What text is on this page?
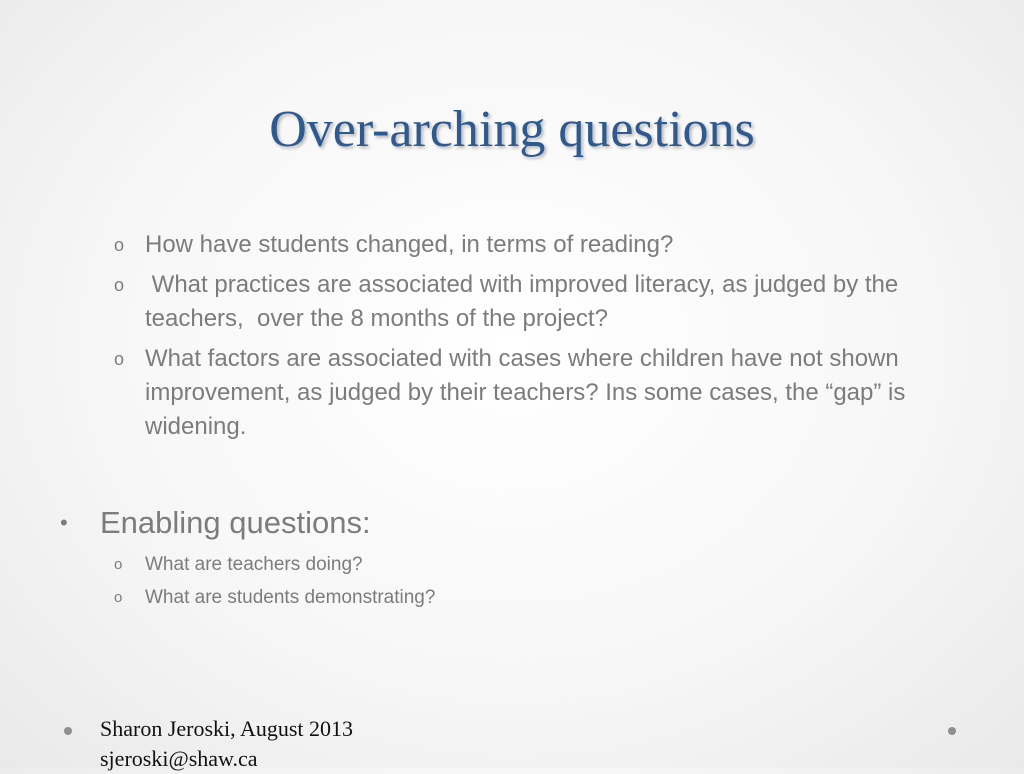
Over-arching questions
o How have students changed, in terms of reading?
o What practices are associated with improved literacy, as judged by the teachers,  over the 8 months of the project?
o What factors are associated with cases where children have not shown improvement, as judged by their teachers? Ins some cases, the “gap” is widening.
• Enabling questions:
o What are teachers doing?
o What are students demonstrating?
Sharon Jeroski, August 2013
sjeroski@shaw.ca
